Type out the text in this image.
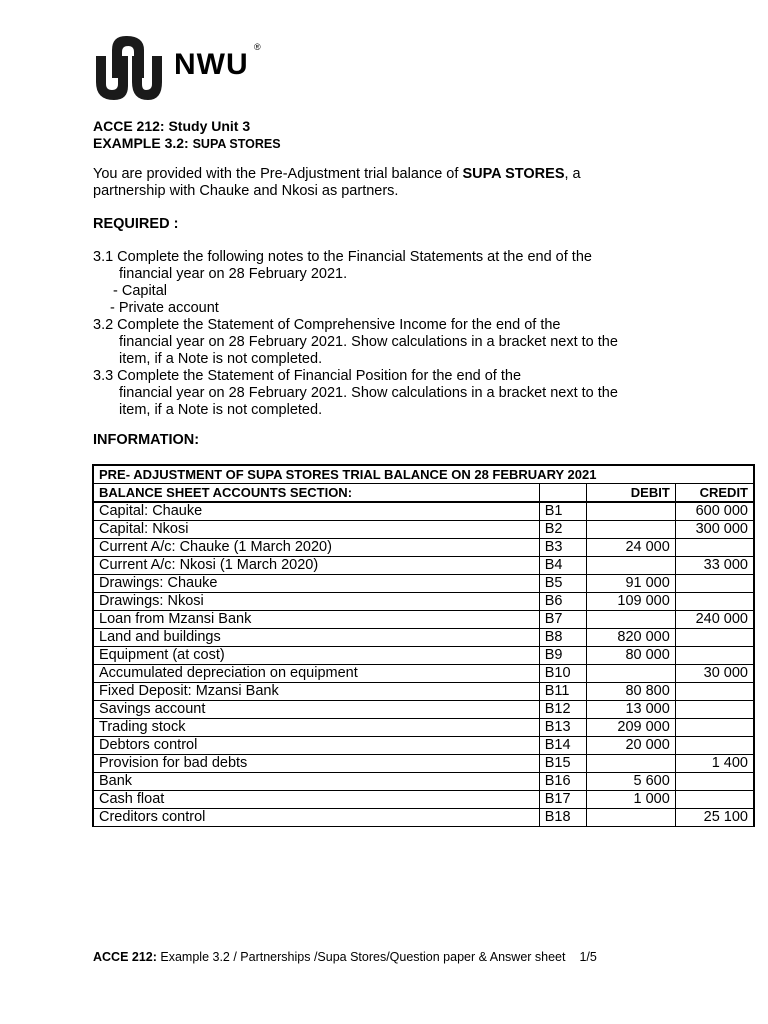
NWU
®
ACCE 212: Study Unit 3
EXAMPLE 3.2: SUPA STORES
You are provided with the Pre-Adjustment trial balance of SUPA STORES, a partnership with Chauke and Nkosi as partners.
REQUIRED :
3.1 Complete the following notes to the Financial Statements at the end of the
financial year on 28 February 2021.
- Capital
- Private account
3.2 Complete the Statement of Comprehensive Income for the end of the
financial year on 28 February 2021. Show calculations in a bracket next to the
item, if a Note is not completed.
3.3 Complete the Statement of Financial Position for the end of the
financial year on 28 February 2021. Show calculations in a bracket next to the
item, if a Note is not completed.
INFORMATION:
PRE- ADJUSTMENT OF SUPA STORES TRIAL BALANCE ON 28 FEBRUARY 2021			
BALANCE SHEET ACCOUNTS SECTION:		DEBIT	CREDIT
Capital: Chauke	B1		600 000
Capital: Nkosi	B2		300 000
Current A/c: Chauke (1 March 2020)	B3	24 000	
Current A/c: Nkosi (1 March 2020)	B4		33 000
Drawings: Chauke	B5	91 000	
Drawings: Nkosi	B6	109 000	
Loan from Mzansi Bank	B7		240 000
Land and buildings	B8	820 000	
Equipment (at cost)	B9	80 000	
Accumulated depreciation on equipment	B10		30 000
Fixed Deposit: Mzansi Bank	B11	80 800	
Savings account	B12	13 000	
Trading stock	B13	209 000	
Debtors control	B14	20 000	
Provision for bad debts	B15		1 400
Bank	B16	5 600	
Cash float	B17	1 000	
Creditors control	B18		25 100
ACCE 212: Example 3.2 / Partnerships /Supa Stores/Question paper & Answer sheet 1/5
